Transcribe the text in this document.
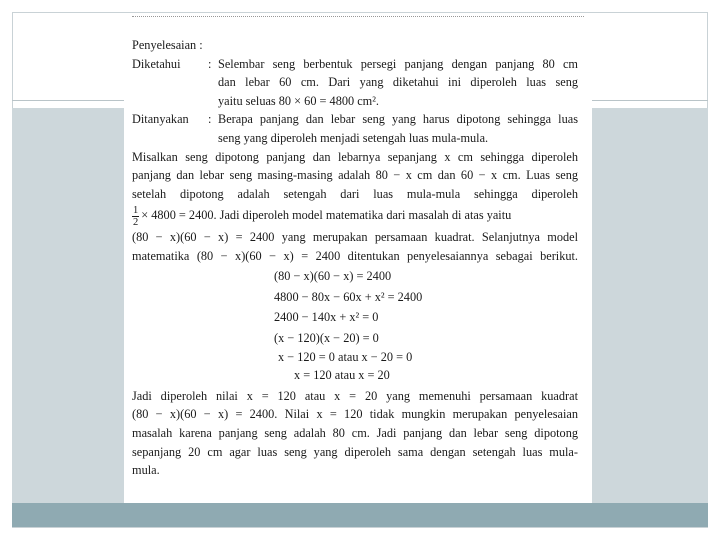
Penyelesaian :

Diketahui	: Selembar seng berbentuk persegi panjang dengan panjang 80 cm

dan lebar 60 cm. Dari yang diketahui ini diperoleh luas seng

yaitu seluas 80 × 60 = 4800 cm².

Ditanyakan	: Berapa panjang dan lebar seng yang harus dipotong sehingga luas

seng yang diperoleh menjadi setengah luas mula-mula.

Misalkan seng dipotong panjang dan lebarnya sepanjang x cm sehingga diperoleh

panjang dan lebar seng masing-masing adalah 80 − x cm dan 60 − x cm. Luas seng

setelah dipotong adalah setengah dari luas mula-mula sehingga diperoleh

$\frac{1}{2} \times 4800 = 2400$. Jadi diperoleh model matematika dari masalah di atas yaitu

(80 − x)(60 − x) = 2400 yang merupakan persamaan kuadrat. Selanjutnya model

matematika (80 − x)(60 − x) = 2400 ditentukan penyelesaiannya sebagai berikut.

(80 − x)(60 − x) = 2400

4800 − 80x − 60x + x² = 2400

2400 − 140x + x² = 0

(x − 120)(x − 20) = 0

x − 120 = 0 atau x − 20 = 0

x = 120 atau x = 20

Jadi diperoleh nilai x = 120 atau x = 20 yang memenuhi persamaan kuadrat

(80 − x)(60 − x) = 2400. Nilai x = 120 tidak mungkin merupakan penyelesaian

masalah karena panjang seng adalah 80 cm. Jadi panjang dan lebar seng dipotong

sepanjang 20 cm agar luas seng yang diperoleh sama dengan setengah luas mula-

mula.
